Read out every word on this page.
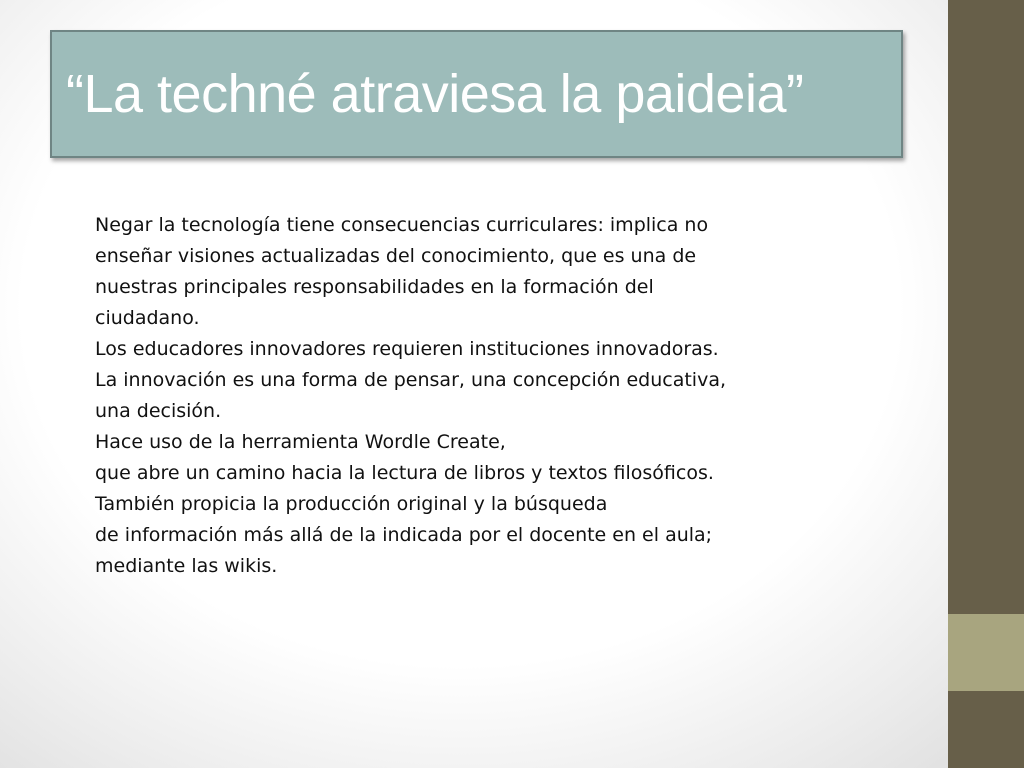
“La techné atraviesa la paideia”
Negar la tecnología tiene consecuencias curriculares: implica no
enseñar visiones actualizadas del conocimiento, que es una de
nuestras principales responsabilidades en la formación del
ciudadano.
Los educadores innovadores requieren instituciones innovadoras.
La innovación es una forma de pensar, una concepción educativa,
una decisión.
Hace uso de la herramienta Wordle Create,
que abre un camino hacia la lectura de libros y textos filosóficos.
También propicia la producción original y la búsqueda
de información más allá de la indicada por el docente en el aula;
mediante las wikis.
